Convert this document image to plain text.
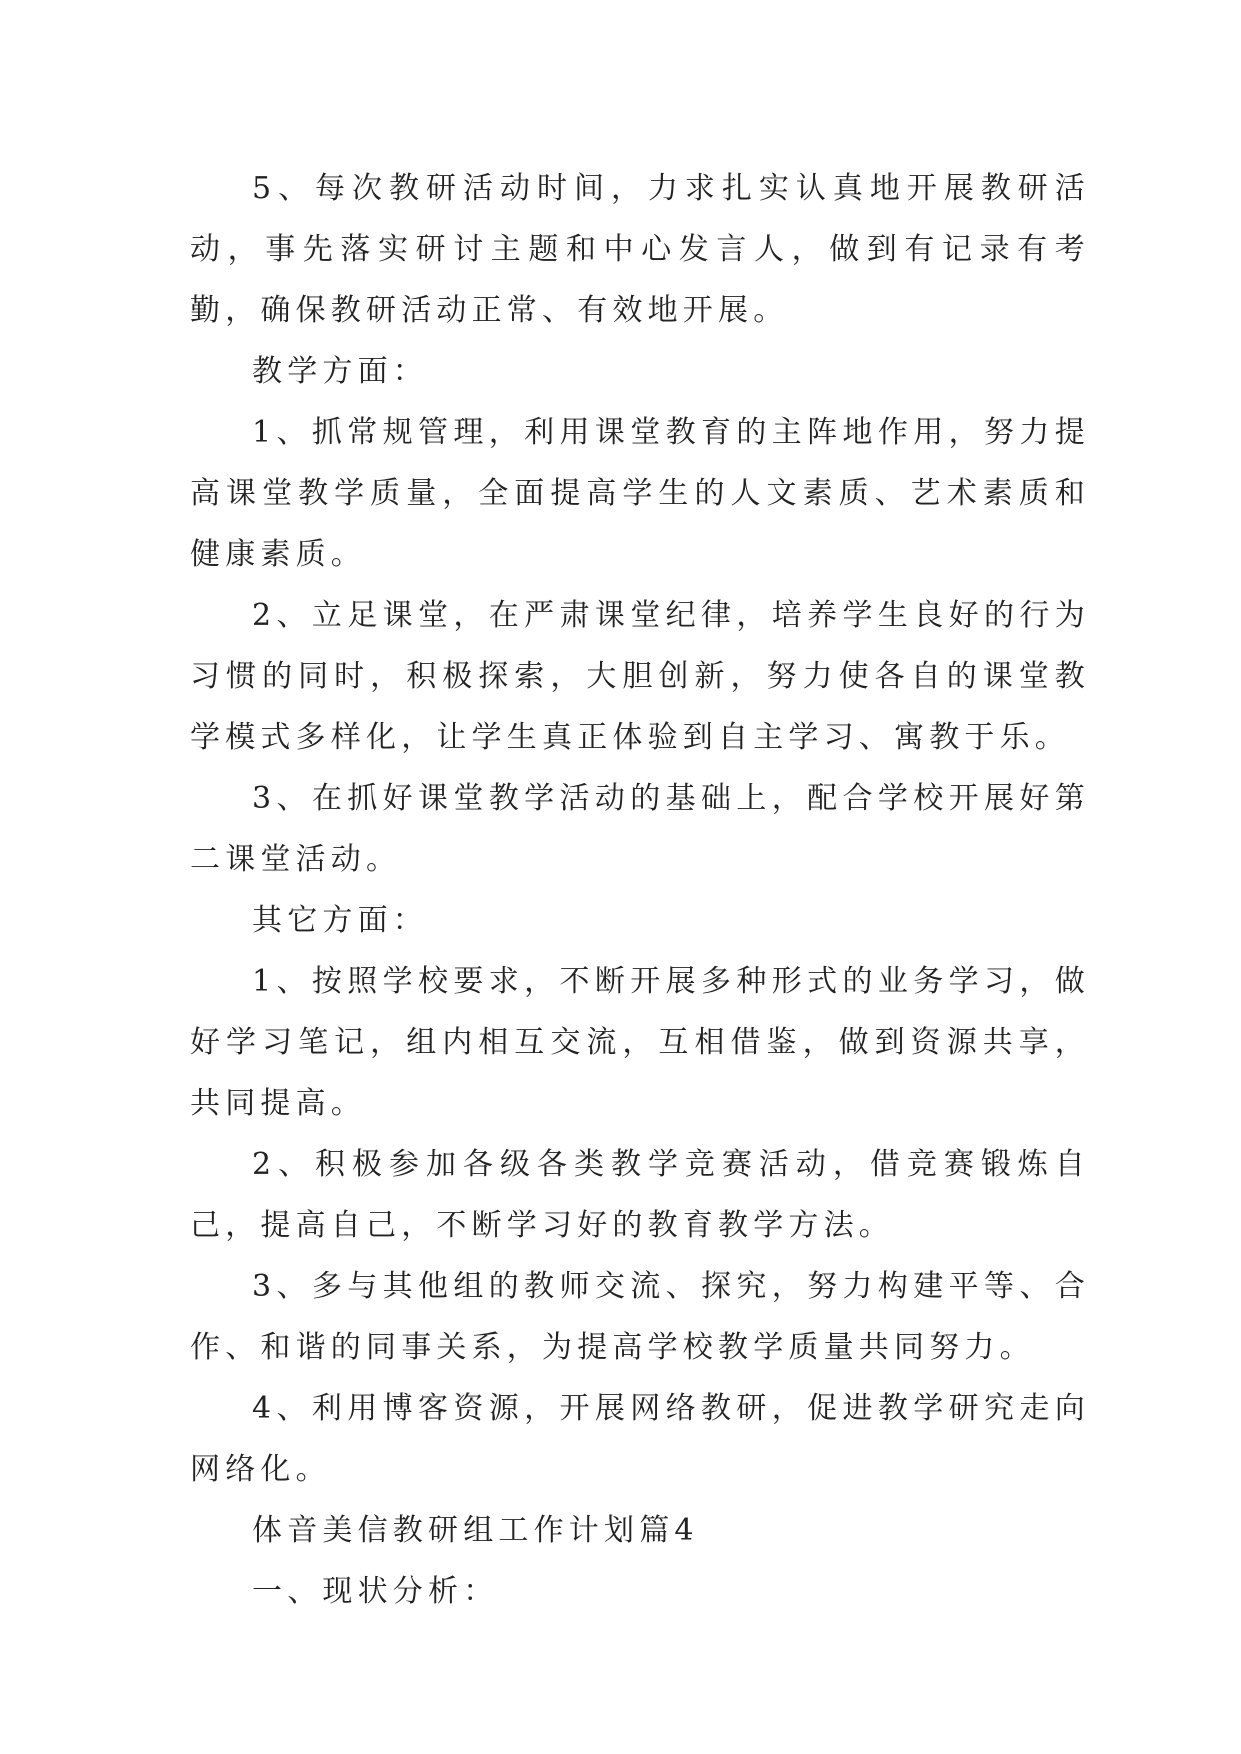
5、每次教研活动时间，力求扎实认真地开展教研活动，事先落实研讨主题和中心发言人，做到有记录有考勤，确保教研活动正常、有效地开展。

教学方面：

1、抓常规管理，利用课堂教育的主阵地作用，努力提高课堂教学质量，全面提高学生的人文素质、艺术素质和健康素质。

2、立足课堂，在严肃课堂纪律，培养学生良好的行为习惯的同时，积极探索，大胆创新，努力使各自的课堂教学模式多样化，让学生真正体验到自主学习、寓教于乐。

3、在抓好课堂教学活动的基础上，配合学校开展好第二课堂活动。

其它方面：

1、按照学校要求，不断开展多种形式的业务学习，做好学习笔记，组内相互交流，互相借鉴，做到资源共享，共同提高。

2、积极参加各级各类教学竞赛活动，借竞赛锻炼自己，提高自己，不断学习好的教育教学方法。

3、多与其他组的教师交流、探究，努力构建平等、合作、和谐的同事关系，为提高学校教学质量共同努力。

4、利用博客资源，开展网络教研，促进教学研究走向网络化。

体音美信教研组工作计划篇4

一、现状分析：
